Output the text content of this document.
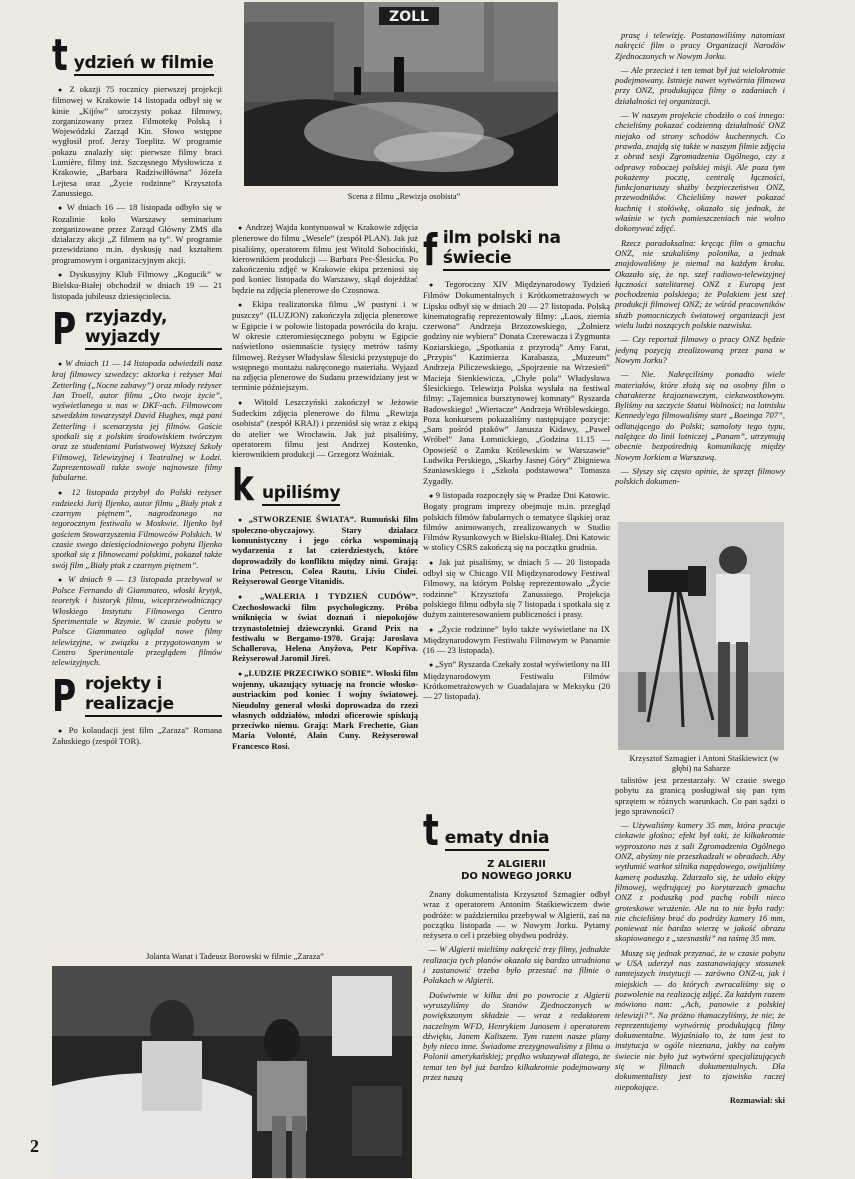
t ydzień w filmie

● Z okazji 75 rocznicy pierwszej projekcji filmowej w Krakowie 14 listopada odbył się w kinie „Kijów” uroczysty pokaz filmowy, zorganizowany przez Filmotekę Polską i Wojewódzki Zarząd Kin. Słowo wstępne wygłosił prof. Jerzy Toeplitz. W programie pokazu znalazły się: pierwsze filmy braci Lumière, filmy inż. Szczęsnego Mysłowicza z Krakowie, „Barbara Radziwiłłówna” Józefa Lejtesa oraz „Życie rodzinne” Krzysztofa Zanussiego.

● W dniach 16 — 18 listopada odbyło się w Rozalinie koło Warszawy seminarium zorganizowane przez Zarząd Główny ZMS dla działaczy akcji „Z filmem na ty”. W programie przewidziano m.in. dyskusję nad kształtem programowym i organizacyjnym akcji.

● Dyskusyjny Klub Filmowy „Kogucik” w Bielsku-Białej obchodził w dniach 19 — 21 listopada jubileusz dziesięciolecia.

P rzyjazdy, wyjazdy

● W dniach 11 — 14 listopada odwiedzili nasz kraj filmowcy szwedzcy: aktorka i reżyser Mai Zetterling („Nocne zabawy”) oraz młody reżyser Jan Troell, autor filmu „Oto twoje życie”, wyświetlanego u nas w DKF-ach. Filmowcom szwedzkim towarzyszył David Hughes, mąż pani Zetterling i scenarzysta jej filmów. Goście spotkali się z polskim środowiskiem twórczym oraz ze studentami Państwowej Wyższej Szkoły Filmowej, Telewizyjnej i Teatralnej w Łodzi. Zaprezentowali także swoje najnowsze filmy fabularne.

● 12 listopada przybył do Polski reżyser radziecki Jurij Iljenko, autor filmu „Biały ptak z czarnym piętnem”, nagrodzonego na tegorocznym festiwalu w Moskwie. Iljenko był gościem Stowarzyszenia Filmowców Polskich. W czasie swego dziesięciodniowego pobytu Iljenko spotkał się z filmowcami polskimi, pokazał także swój film „Biały ptak z czarnym piętnem”.

● W dniach 9 — 13 listopada przebywał w Polsce Fernando di Giammateo, włoski krytyk, teoretyk i historyk filmu, wiceprzewodniczący Włoskiego Instytutu Filmowego Centro Sperimentale w Rzymie. W czasie pobytu w Polsce Giammateo oglądał nowe filmy telewizyjne, w związku z przygotowanym w Centro Sperimentale przeglądem filmów telewizyjnych.

P rojekty i realizacje

● Po kolaudacji jest film „Zaraza” Romana Załuskiego (zespół TOR).

ZOLL

Scena z filmu „Rewizja osobista”

● Andrzej Wajda kontynuował w Krakowie zdjęcia plenerowe do filmu „Wesele” (zespół PLAN). Jak już pisaliśmy, operatorem filmu jest Witold Sobociński, kierownikiem produkcji — Barbara Pec-Ślesicka. Po zakończeniu zdjęć w Krakowie ekipa przeniosi się pod koniec listopada do Warszawy, skąd dojeżdżać będzie na zdjęcia plenerowe do Czosnowa.

● Ekipa realizatorska filmu „W pustyni i w puszczy” (ILUZJON) zakończyła zdjęcia plenerowe w Egipcie i w połowie listopada powróciła do kraju. W okresie czteromiesięcznego pobytu w Egipcie naświetlono osiemnaście tysięcy metrów taśmy filmowej. Reżyser Władysław Ślesicki przystępuje do wstępnego montażu nakręconego materiału. Wyjazd na zdjęcia plenerowe do Sudanu przewidziany jest w terminie późniejszym.

● Witold Leszczyński zakończył w Jeżowie Sudeckim zdjęcia plenerowe do filmu „Rewizja osobista” (zespół KRAJ) i przeniósł się wraz z ekipą do atelier we Wrocławiu. Jak już pisaliśmy, operatorem filmu jest Andrzej Kostenko, kierownikiem produkcji — Grzegorz Woźniak.

k upiliśmy

● „STWORZENIE ŚWIATA”. Rumuński film społeczno-obyczajowy. Stary działacz komunistyczny i jego córka wspominają wydarzenia z lat czterdziestych, które doprowadziły do konfliktu między nimi. Grają: Irina Petrescu, Colea Rautu, Liviu Ciulei. Reżyserował George Vitanidis.

● „WALERIA I TYDZIEŃ CUDÓW”. Czechosłowacki film psychologiczny. Próba wniknięcia w świat doznań i niepokojów trzynastoletniej dziewczynki. Grand Prix na festiwalu w Bergamo-1970. Grają: Jaroslava Schallerova, Helena Anyžova, Petr Kopřiva. Reżyserował Jaromil Jireš.

● „LUDZIE PRZECIWKO SOBIE”. Włoski film wojenny, ukazujący sytuację na froncie włosko-austriackim pod koniec I wojny światowej. Nieudolny generał włoski doprowadza do rzezi własnych oddziałów, młodzi oficerowie spiskują przeciwko niemu. Grają: Mark Frechette, Gian Maria Volonté, Alain Cuny. Reżyserował Francesco Rosi.

f ilm polski na świecie

● Tegoroczny XIV Międzynarodowy Tydzień Filmów Dokumentalnych i Krótkometrażowych w Lipsku odbył się w dniach 20 — 27 listopada. Polską kinematografię reprezentowały filmy: „Laos, ziemia czerwona” Andrzeja Brzozowskiego, „Żołnierz godziny nie wybiera” Donata Czerewacza i Zygmunta Koziarskiego, „Spotkania z przyrodą” Amy Farat, „Przypis” Kazimierza Karabasza, „Muzeum” Andrzeja Piliczewskiego, „Spojrzenie na Wrzesień” Macieja Sienkiewicza, „Chyłe pola” Władysława Ślesickiego. Telewizja Polska wysłała na festiwal filmy: „Tajemnica bursztynowej komnaty” Ryszarda Badowskiego! „Wiertacze” Andrzeja Wróblewskiego. Poza konkursem pokazaliśmy następujące pozycje: „Sam pośród ptaków” Janusza Kidawy, „Paweł Wróbel” Jana Łomnickiego, „Godzina 11.15 — Opowieść o Zamku Królewskim w Warszawie” Ludwika Perskiego, „Skarby Jasnej Góry” Zbigniewa Szaniawskiego i „Szkoła podstawowa” Tomasza Zygadły.

● 9 listopada rozpoczęły się w Pradze Dni Katowic. Bogaty program imprezy obejmuje m.in. przegląd polskich filmów fabularnych o tematyce śląskiej oraz filmów animowanych, zrealizowanych w Studio Filmów Rysunkowych w Bielsku-Białej. Dni Katowic w stolicy CSRS zakończą się na początku grudnia.

● Jak już pisaliśmy, w dniach 5 — 20 listopada odbył się w Chicago VII Międzynarodowy Festiwal Filmowy, na którym Polskę reprezentowało „Życie rodzinne” Krzysztofa Zanussiego. Projekcja polskiego filmu odbyła się 7 listopada i spotkała się z dużym zainteresowaniem publiczności i prasy.

● „Życie rodzinne” było także wyświetlane na IX Międzynarodowym Festiwalu Filmowym w Panamie (16 — 23 listopada).

● „Syn” Ryszarda Czekały został wyświetlony na III Międzynarodowym Festiwalu Filmów Krótkometrażowych w Guadalajara w Meksyku (20 — 27 listopada).

t ematy dnia
Z ALGIERII
DO NOWEGO JORKU

Znany dokumentalista Krzysztof Szmagier odbył wraz z operatorem Antonim Staśkiewiczem dwie podróże: w październiku przebywał w Algierii, zaś na początku listopada — w Nowym Jorku. Pytamy reżysera o cel i przebieg obydwu podróży.

— W Algierii mieliśmy nakręcić trzy filmy, jednakże realizacja tych planów okazała się bardzo utrudniona i zastanowić trzeba było przestać na filmie o Polakach w Algierii.

Doświwnie w kilka dni po powrocie z Algierii wyruszyliśmy do Stanów Zjednoczonych w powiększonym składzie — wraz z redaktorem naczelnym WFD, Henrykiem Janosem i operatorem dźwięku, Janem Kaliszem. Tym razem nasze plany były nieco inne. Świadome zrezygnowaliśmy z filmu o Polonii amerykańskiej; prędko wskazywał dlatego, że temat ten był już bardzo kilkakrotnie podejmowany przez naszą

prasę i telewizję. Postanowiliśmy natomiast nakręcić film o pracy Organizacji Narodów Zjednoczonych w Nowym Jorku.

— Ale przecież i ten temat był już wielokrotnie podejmowany. Istnieje nawet wytwórnia filmowa przy ONZ, produkująca filmy o zadaniach i działalności tej organizacji.

— W naszym projekcie chodziło o coś innego: chcieliśmy pokazać codzienną działalność ONZ niejako od strony schodów kuchennych. Co prawda, znajdą się także w naszym filmie zdjęcia z obrad sesji Zgromadzenia Ogólnego, czy z odprawy roboczej polskiej misji. Ale poza tym pokażemy pocztę, centralę łączności, funkcjonariuszy służby bezpieczeństwa ONZ, przewodników. Chcieliśmy nawet pokazać kuchnię i stołówkę, okazało się jednak, że właśnie w tych pomieszczeniach nie wolno dokonywać zdjęć.

Rzecz paradoksalna: kręcąc film o gmachu ONZ, nie szukaliśmy polonika, a jednak znajdowaliśmy je niemal na każdym kroku. Okazało się, że np. szef radiowo-telewizyjnej łączności satelitarnej ONZ z Europą jest pochodzenia polskiego; że Polakiem jest szef produkcji filmowej ONZ; że wśród pracowników służb pomocniczych światowej organizacji jest wielu ludzi noszących polskie nazwiska.

— Czy reportaż filmowy o pracy ONZ będzie jedyną pozycją zrealizowaną przez pana w Nowym Jorku?

— Nie. Nakręciliśmy ponadto wiele materiałów, które złożą się na osobny film o charakterze krajoznawczym, ciekawostkowym. Byliśmy na szczycie Statui Wolności; na lotnisku Kennedy'ego filmowaliśmy start „Boeinga 707”, odlatującego do Polski; samoloty tego typu, nalężące do linii lotniczej „Panam”, utrzymują obecnie bezpośrednią komunikację między Nowym Jorkiem a Warszawą.

— Słyszy się często opinie, że sprzęt filmowy polskich dokumen-

Krzysztof Szmagier i Antoni Staśkiewicz (w głębi) na Saharze

talistów jest przestarzały. W czasie swego pobytu za granicą posługiwał się pan tym sprzętem w różnych warunkach. Co pan sądzi o jego sprawności?

— Używaliśmy kamery 35 mm, która pracuje ciekawie głośno; efekt był taki, że kilkakrotnie wyproszono nas z sali Zgromadzenia Ogólnego ONZ, abyśmy nie przeszkadzali w obradach. Aby wytłumić warkot silnika napędowego, owijaliśmy kamerę poduszką. Zdarzało się, że udało ekipy filmowej, wędrującej po korytarzach gmachu ONZ z poduszką pod pachą robili nieco groteskowe wrażenie. Ale na to nie było rady: nie chcieliśmy brać do podróży kamery 16 mm, ponieważ nie bardzo wierzę w jakość obrazu skopiowanego z „szesnastki” na taśmę 35 mm.

Muszę się jednak przyznać, że w czasie pobytu w USA uderzył nas zastanawiający stosunek tamtejszych instytucji — zarówno ONZ-u, jak i miejskich — do których zwracaliśmy się o pozwolenie na realizację zdjęć. Za każdym razem mówiono nam: „Ach, panowie z polskiej telewizji?”. Na próżno tłumaczyliśmy, że nie; że reprezentujemy wytwórnię produkującą filmy dokumentalne. Wyjaśniało to, że tam jest to instytucja w ogóle nieznana, jakby na całym świecie nie było już wytwórni specjalizujących się w filmach dokumentalnych. Dla dokumentalisty jest to zjawisko raczej niepokojące.

Rozmawiał: ski

Jolanta Wanat i Tadeusz Borowski w filmie „Zaraza”

2
